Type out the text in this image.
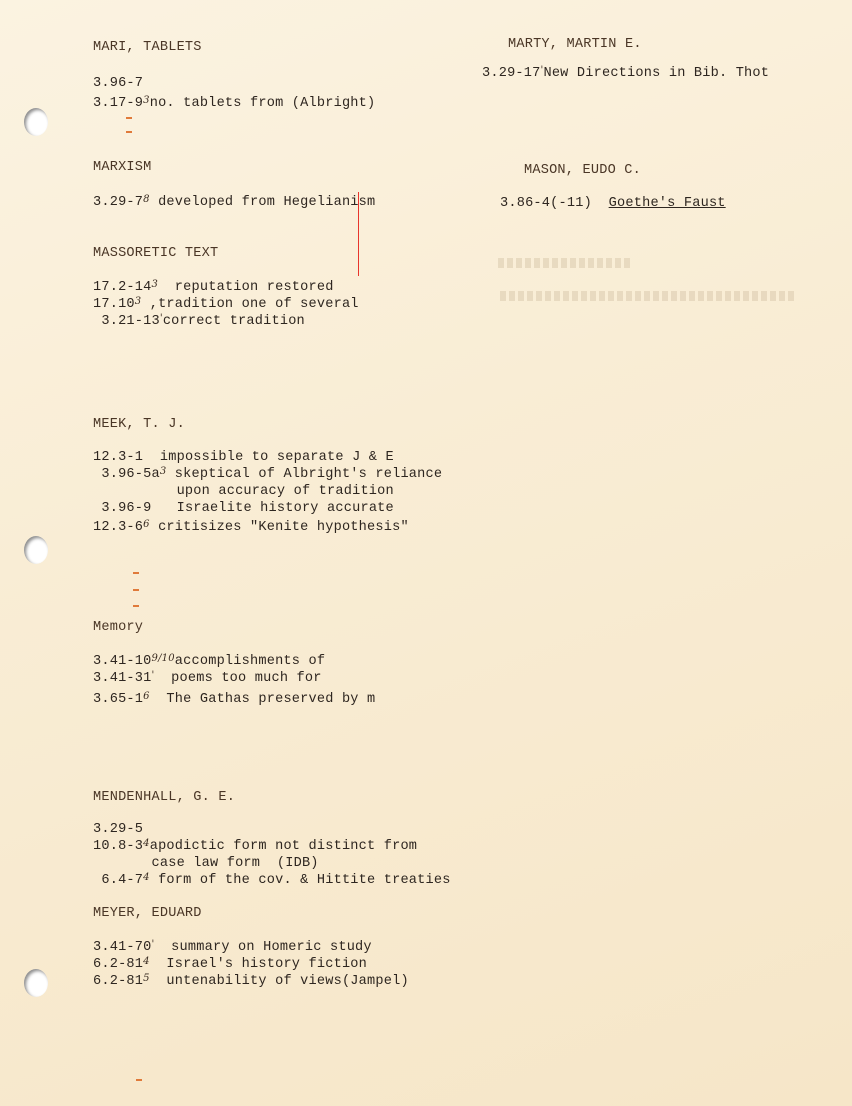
MARI, TABLETS
3.96-7
3.17-93no. tablets from (Albright)
MARXISM
3.29-78 developed from Hegelianism
MASSORETIC TEXT
17.2-143  reputation restored
17.103 ,tradition one of several
3.21-13'correct tradition
MEEK, T. J.
12.3-1  impossible to separate J & E
3.96-5a3 skeptical of Albright's reliance
upon accuracy of tradition
3.96-9   Israelite history accurate
12.3-66 critisizes "Kenite hypothesis"
Memory
3.41-109/10accomplishments of
3.41-31'  poems too much for
3.65-16  The Gathas preserved by m
MENDENHALL, G. E.
3.29-5
10.8-34apodictic form not distinct from
case law form  (IDB)
6.4-74 form of the cov. & Hittite treaties
MEYER, EDUARD
3.41-70'  summary on Homeric study
6.2-814  Israel's history fiction
6.2-815  untenability of views(Jampel)
MARTY, MARTIN E.
3.29-17'New Directions in Bib. Thot
MASON, EUDO C.
3.86-4(-11) Goethe's Faust
